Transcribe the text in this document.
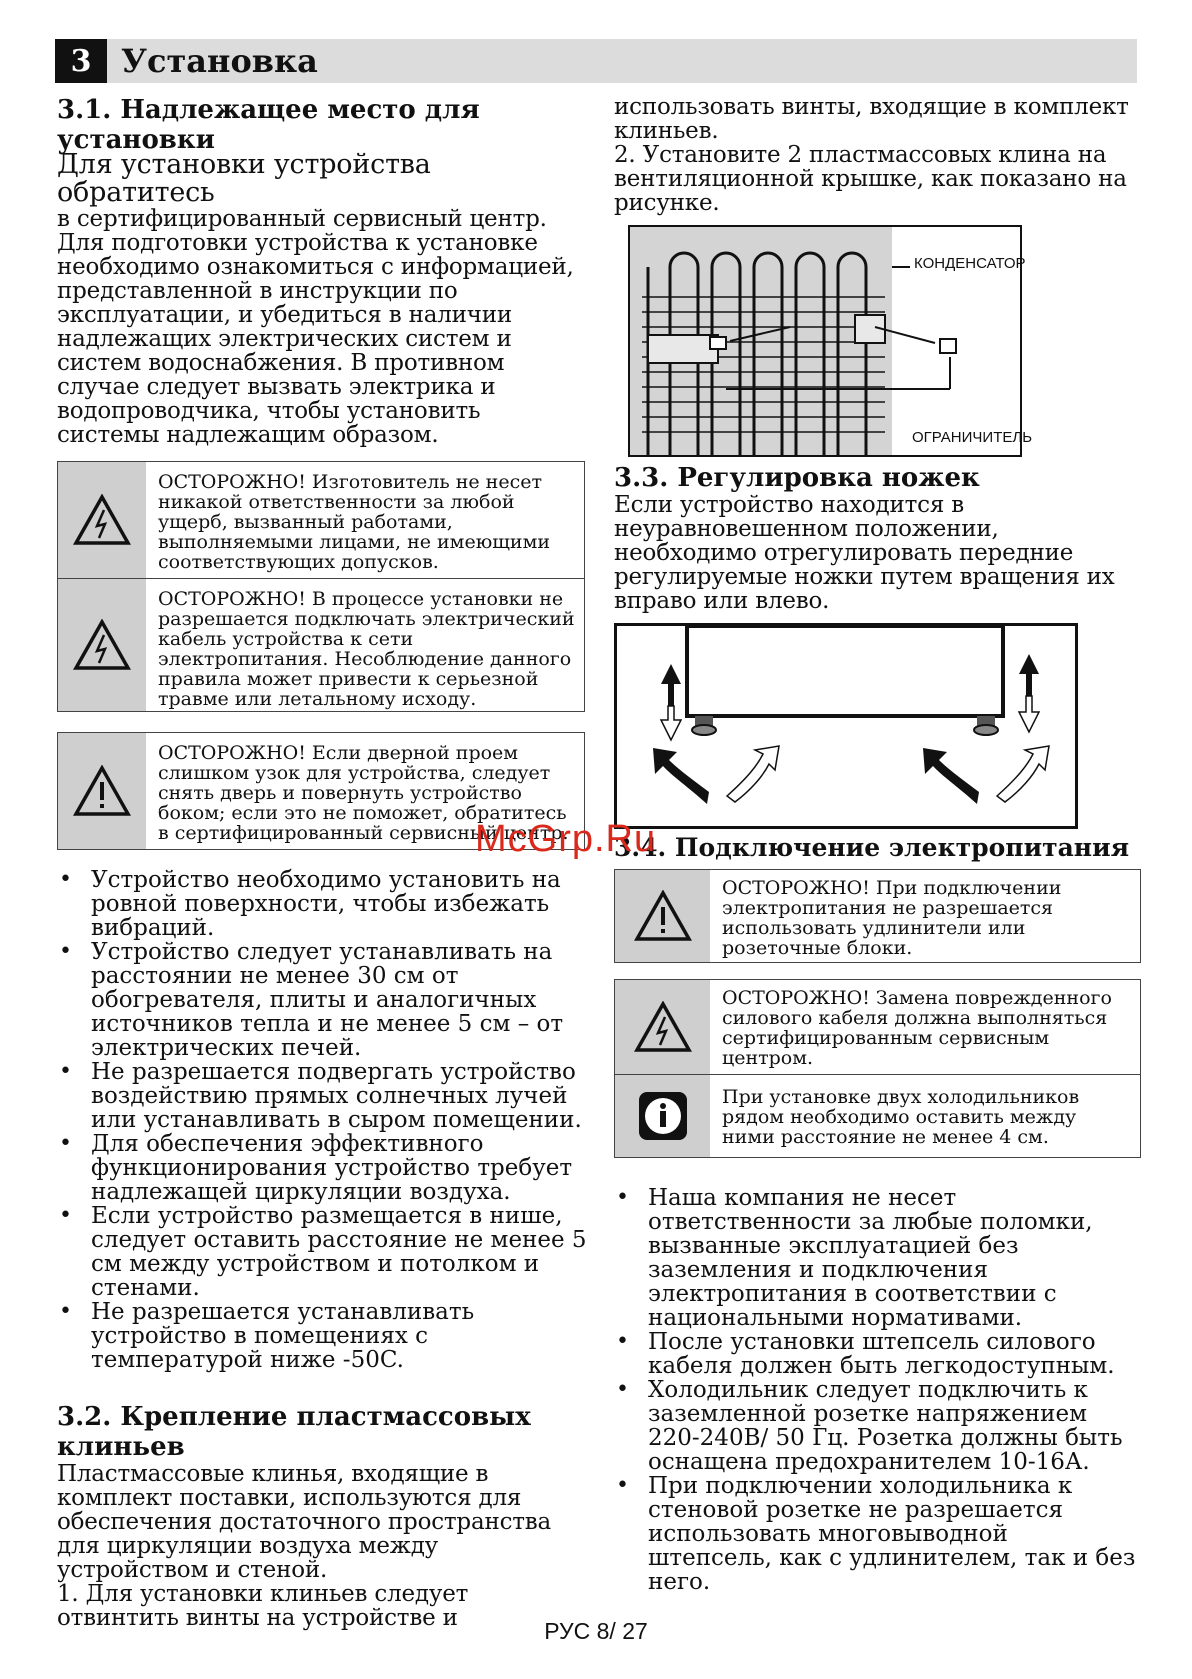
3 Установка
3.1. Надлежащее место для установки

Для установки устройства обратитесь

в сертифицированный сервисный центр. Для подготовки устройства к установке необходимо ознакомиться с информацией, представленной в инструкции по эксплуатации, и убедиться в наличии надлежащих электрических систем и систем водоснабжения. В противном случае следует вызвать электрика и водопроводчика, чтобы установить системы надлежащим образом.

ОСТОРОЖНО! Изготовитель не несет никакой ответственности за любой ущерб, вызванный работами, выполняемыми лицами, не имеющими соответствующих допусков.
ОСТОРОЖНО! В процессе установки не разрешается подключать электрический кабель устройства к сети электропитания. Несоблюдение данного правила может привести к серьезной травме или летальному исходу.
ОСТОРОЖНО! Если дверной проем слишком узок для устройства, следует снять дверь и повернуть устройство боком; если это не поможет, обратитесь в сертифицированный сервисный центр.
• Устройство необходимо установить на ровной поверхности, чтобы избежать вибраций.
• Устройство следует устанавливать на расстоянии не менее 30 см от обогревателя, плиты и аналогичных источников тепла и не менее 5 см – от электрических печей.
• Не разрешается подвергать устройство воздействию прямых солнечных лучей или устанавливать в сыром помещении.
• Для обеспечения эффективного функционирования устройство требует надлежащей циркуляции воздуха.
• Если устройство размещается в нише, следует оставить расстояние не менее 5 см между устройством и потолком и стенами.
• Не разрешается устанавливать устройство в помещениях с температурой ниже -50C.
3.2. Крепление пластмассовых клиньев

Пластмассовые клинья, входящие в комплект поставки, используются для обеспечения достаточного пространства для циркуляции воздуха между устройством и стеной.

1. Для установки клиньев следует отвинтить винты на устройстве и

использовать винты, входящие в комплект клиньев.

2. Установите 2 пластмассовых клина на вентиляционной крышке, как показано на рисунке.

КОНДЕНСАТОР
ОГРАНИЧИТЕЛЬ
3.3. Регулировка ножек

Если устройство находится в неуравновешенном положении, необходимо отрегулировать передние регулируемые ножки путем вращения их вправо или влево.

3.4. Подключение электропитания
ОСТОРОЖНО! При подключении электропитания не разрешается использовать удлинители или розеточные блоки.
ОСТОРОЖНО! Замена поврежденного силового кабеля должна выполняться сертифицированным сервисным центром.
При установке двух холодильников рядом необходимо оставить между ними расстояние не менее 4 см.
• Наша компания не несет ответственности за любые поломки, вызванные эксплуатацией без заземления и подключения электропитания в соответствии с национальными нормативами.
• После установки штепсель силового кабеля должен быть легкодоступным.
• Холодильник следует подключить к заземленной розетке напряжением 220-240В/ 50 Гц. Розетка должны быть оснащена предохранителем 10-16А.
• При подключении холодильника к стеновой розетке не разрешается использовать многовыводной штепсель, как с удлинителем, так и без него.
McGrp.Ru
РУС 8/ 27
